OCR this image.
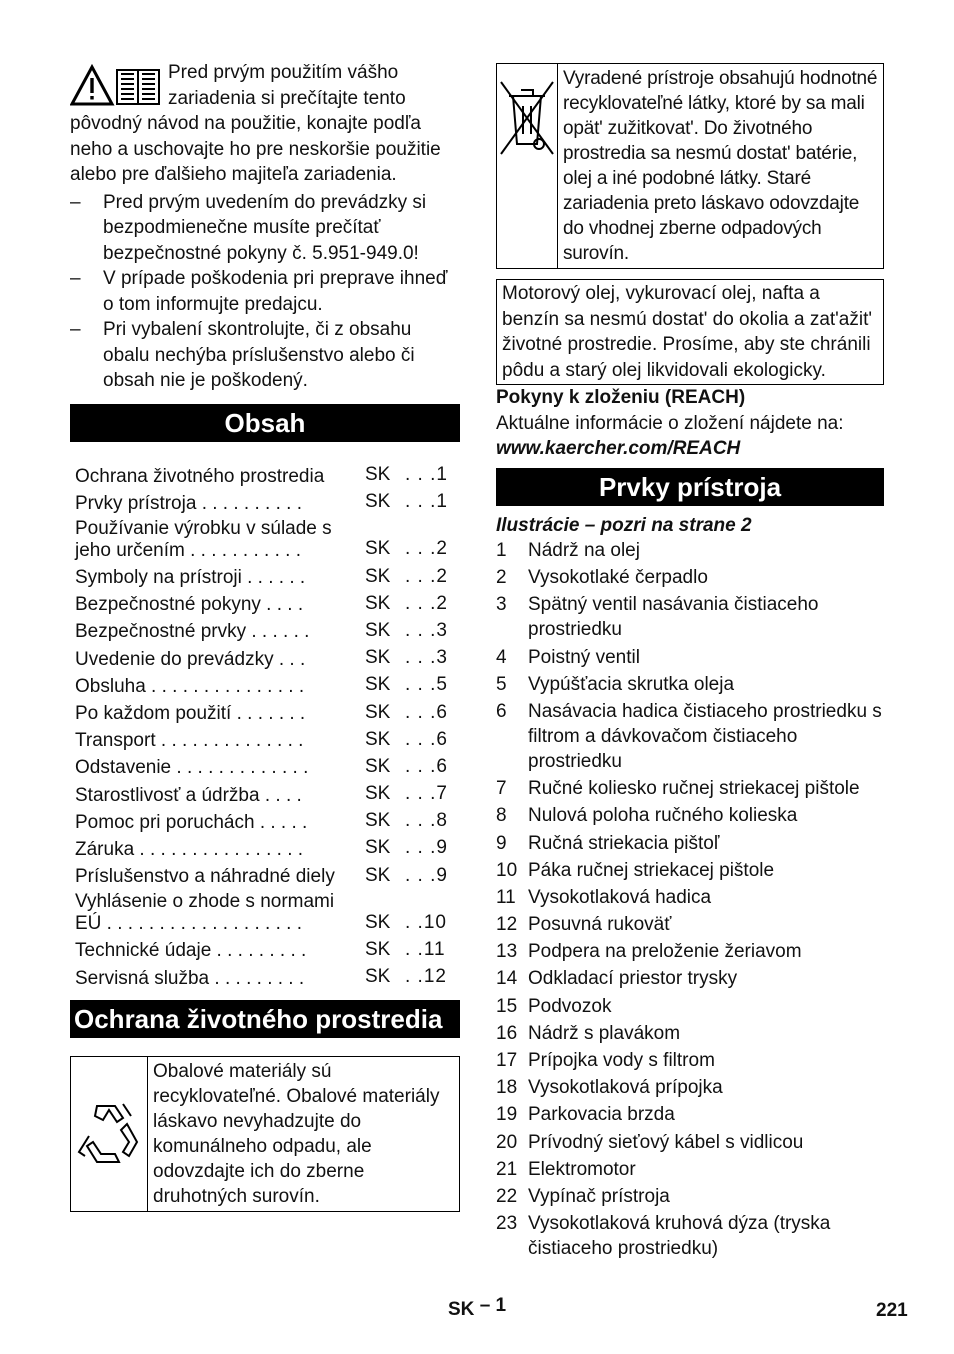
Pred prvým použitím vášho zariadenia si prečítajte tento pôvodný návod na použitie, konajte podľa neho a uschovajte ho pre neskoršie použitie alebo pre ďalšieho majiteľa zariadenia.

– Pred prvým uvedením do prevádzky si bezpodmienečne musíte prečítať bezpečnostné pokyny č. 5.951-949.0!
– V prípade poškodenia pri preprave ihneď o tom informujte predajcu.
– Pri vybalení skontrolujte, či z obsahu obalu nechýba príslušenstvo alebo či obsah nie je poškodený.
Obsah
Ochrana životného prostredia	SK . . .1
Prvky prístroja . . . . . . . . . .	SK . . .1
Používanie výrobku v súlade s jeho určením . . . . . . . . . . .	SK . . .2
Symboly na prístroji . . . . . .	SK . . .2
Bezpečnostné pokyny . . . .	SK . . .2
Bezpečnostné prvky . . . . . .	SK . . .3
Uvedenie do prevádzky . . .	SK . . .3
Obsluha . . . . . . . . . . . . . . .	SK . . .5
Po každom použití . . . . . . .	SK . . .6
Transport . . . . . . . . . . . . . .	SK . . .6
Odstavenie . . . . . . . . . . . . .	SK . . .6
Starostlivosť a údržba . . . .	SK . . .7
Pomoc pri poruchách . . . . .	SK . . .8
Záruka . . . . . . . . . . . . . . . .	SK . . .9
Príslušenstvo a náhradné diely	SK . . .9
Vyhlásenie o zhode s normami EÚ . . . . . . . . . . . . . . . . . . .	SK . .10
Technické údaje . . . . . . . . .	SK . .11
Servisná služba . . . . . . . . .	SK . .12
Ochrana životného prostredia
Obalové materiály sú recyklovateľné. Obalové materiály láskavo nevyhadzujte do komunálneho odpadu, ale odovzdajte ich do zberne druhotných surovín.
Vyradené prístroje obsahujú hodnotné recyklovateľné látky, ktoré by sa mali opät' zužitkovat'. Do životného prostredia sa nesmú dostat' batérie, olej a iné podobné látky. Staré zariadenia preto láskavo odovzdajte do vhodnej zberne odpadových surovín.
Motorový olej, vykurovací olej, nafta a benzín sa nesmú dostat' do okolia a zat'ažit' životné prostredie. Prosíme, aby ste chránili pôdu a starý olej likvidovali ekologicky.
Pokyny k zloženiu (REACH)
Aktuálne informácie o zložení nájdete na:
www.kaercher.com/REACH
Prvky prístroja
Ilustrácie – pozri na strane 2
1	Nádrž na olej
2	Vysokotlaké čerpadlo
3	Spätný ventil nasávania čistiaceho prostriedku
4	Poistný ventil
5	Vypúšťacia skrutka oleja
6	Nasávacia hadica čistiaceho prostriedku s filtrom a dávkovačom čistiaceho prostriedku
7	Ručné koliesko ručnej striekacej pištole
8	Nulová poloha ručného kolieska
9	Ručná striekacia pištoľ
10 Páka ručnej striekacej pištole
11 Vysokotlaková hadica
12 Posuvná rukoväť
13 Podpera na preloženie žeriavom
14 Odkladací priestor trysky
15 Podvozok
16 Nádrž s plavákom
17 Prípojka vody s filtrom
18 Vysokotlaková prípojka
19 Parkovacia brzda
20 Prívodný sieťový kábel s vidlicou
21 Elektromotor
22 Vypínač prístroja
23 Vysokotlaková kruhová dýza (tryska čistiaceho prostriedku)
SK – 1	221
